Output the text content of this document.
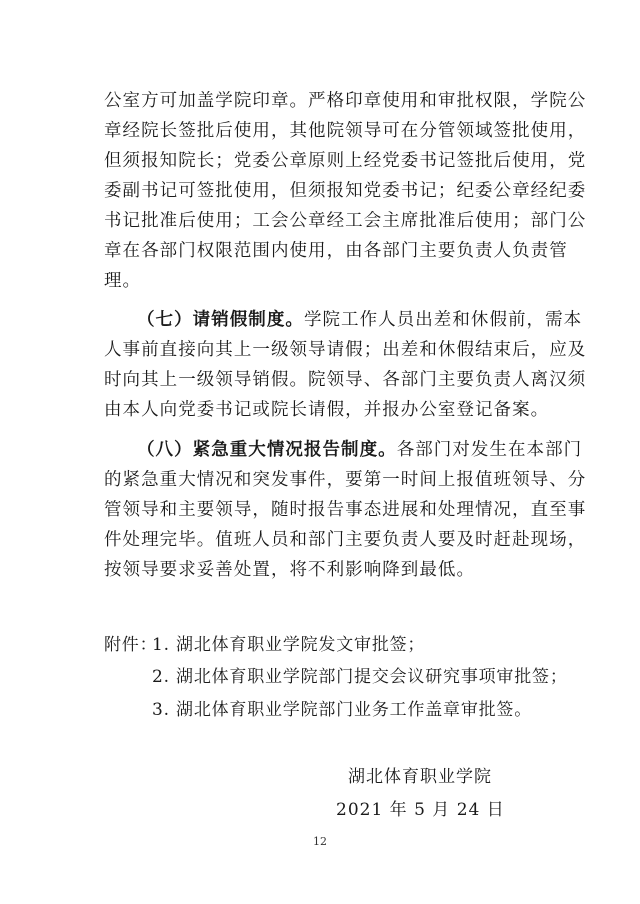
公室方可加盖学院印章。严格印章使用和审批权限，学院公
章经院长签批后使用，其他院领导可在分管领域签批使用，
但须报知院长；党委公章原则上经党委书记签批后使用，党
委副书记可签批使用，但须报知党委书记；纪委公章经纪委
书记批准后使用；工会公章经工会主席批准后使用；部门公
章在各部门权限范围内使用，由各部门主要负责人负责管
理。
（七）请销假制度。学院工作人员出差和休假前，需本
人事前直接向其上一级领导请假；出差和休假结束后，应及
时向其上一级领导销假。院领导、各部门主要负责人离汉须
由本人向党委书记或院长请假，并报办公室登记备案。
（八）紧急重大情况报告制度。各部门对发生在本部门
的紧急重大情况和突发事件，要第一时间上报值班领导、分
管领导和主要领导，随时报告事态进展和处理情况，直至事
件处理完毕。值班人员和部门主要负责人要及时赶赴现场，
按领导要求妥善处置，将不利影响降到最低。
附件：
1. 湖北体育职业学院发文审批签；
2. 湖北体育职业学院部门提交会议研究事项审批签；
3. 湖北体育职业学院部门业务工作盖章审批签。
湖北体育职业学院
2021 年 5 月 24 日
12
